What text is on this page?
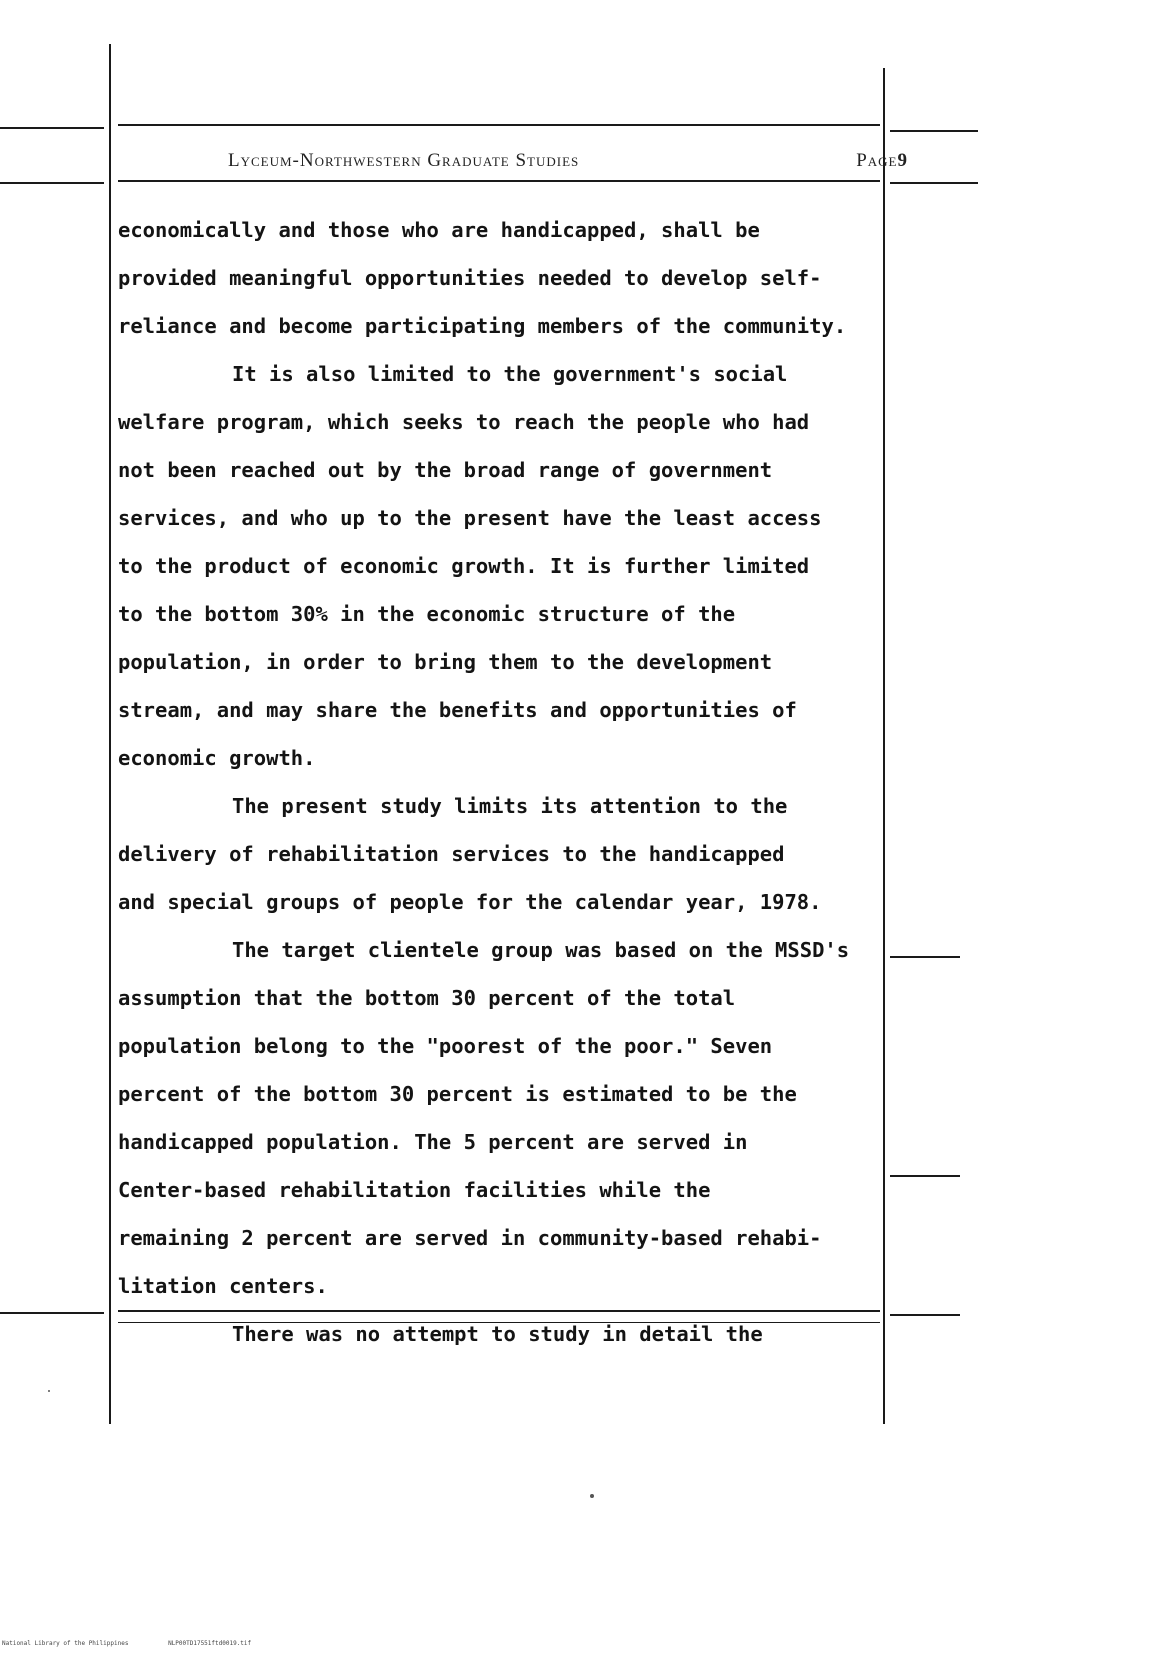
Lyceum-Northwestern Graduate Studies	Page9
economically and those who are handicapped, shall be
provided meaningful opportunities needed to develop self-
reliance and become participating members of the community.
It is also limited to the government's social
welfare program, which seeks to reach the people who had
not been reached out by the broad range of government
services, and who up to the present have the least access
to the product of economic growth. It is further limited
to the bottom 30% in the economic structure of the
population, in order to bring them to the development
stream, and may share the benefits and opportunities of
economic growth.
The present study limits its attention to the
delivery of rehabilitation services to the handicapped
and special groups of people for the calendar year, 1978.
The target clientele group was based on the MSSD's
assumption that the bottom 30 percent of the total
population belong to the "poorest of the poor." Seven
percent of the bottom 30 percent is estimated to be the
handicapped population. The 5 percent are served in
Center-based rehabilitation facilities while the
remaining 2 percent are served in community-based rehabi-
litation centers.
There was no attempt to study in detail the
National Library of the Philippines	NLP00TD17551ftd0019.tif
